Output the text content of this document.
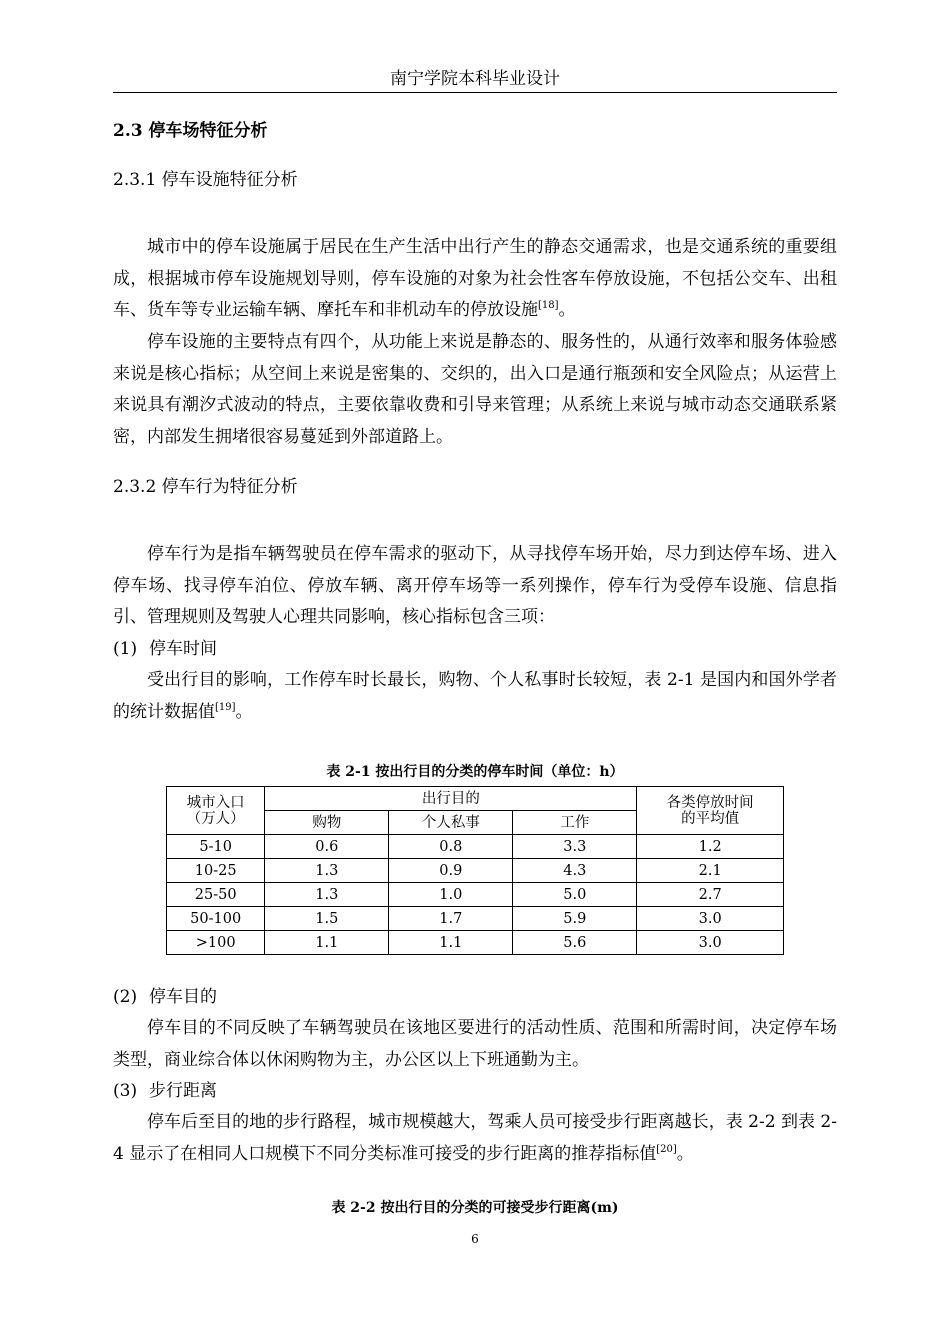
南宁学院本科毕业设计
2.3 停车场特征分析
2.3.1 停车设施特征分析
城市中的停车设施属于居民在生产生活中出行产生的静态交通需求，也是交通系统的重要组成，根据城市停车设施规划导则，停车设施的对象为社会性客车停放设施，不包括公交车、出租车、货车等专业运输车辆、摩托车和非机动车的停放设施[18]。
停车设施的主要特点有四个，从功能上来说是静态的、服务性的，从通行效率和服务体验感来说是核心指标；从空间上来说是密集的、交织的，出入口是通行瓶颈和安全风险点；从运营上来说具有潮汐式波动的特点，主要依靠收费和引导来管理；从系统上来说与城市动态交通联系紧密，内部发生拥堵很容易蔓延到外部道路上。
2.3.2 停车行为特征分析
停车行为是指车辆驾驶员在停车需求的驱动下，从寻找停车场开始，尽力到达停车场、进入停车场、找寻停车泊位、停放车辆、离开停车场等一系列操作，停车行为受停车设施、信息指引、管理规则及驾驶人心理共同影响，核心指标包含三项：
(1) 停车时间
受出行目的影响，工作停车时长最长，购物、个人私事时长较短，表 2-1 是国内和国外学者的统计数据值[19]。
表 2-1 按出行目的分类的停车时间（单位：h）
城市入口
（万人）	出行目的			各类停放时间
的平均值
	购物	个人私事	工作	
5-10	0.6	0.8	3.3	1.2
10-25	1.3	0.9	4.3	2.1
25-50	1.3	1.0	5.0	2.7
50-100	1.5	1.7	5.9	3.0
>100	1.1	1.1	5.6	3.0
(2) 停车目的
停车目的不同反映了车辆驾驶员在该地区要进行的活动性质、范围和所需时间，决定停车场类型，商业综合体以休闲购物为主，办公区以上下班通勤为主。
(3) 步行距离
停车后至目的地的步行路程，城市规模越大，驾乘人员可接受步行距离越长，表 2-2 到表 2-4 显示了在相同人口规模下不同分类标准可接受的步行距离的推荐指标值[20]。
表 2-2 按出行目的分类的可接受步行距离(m)
6
